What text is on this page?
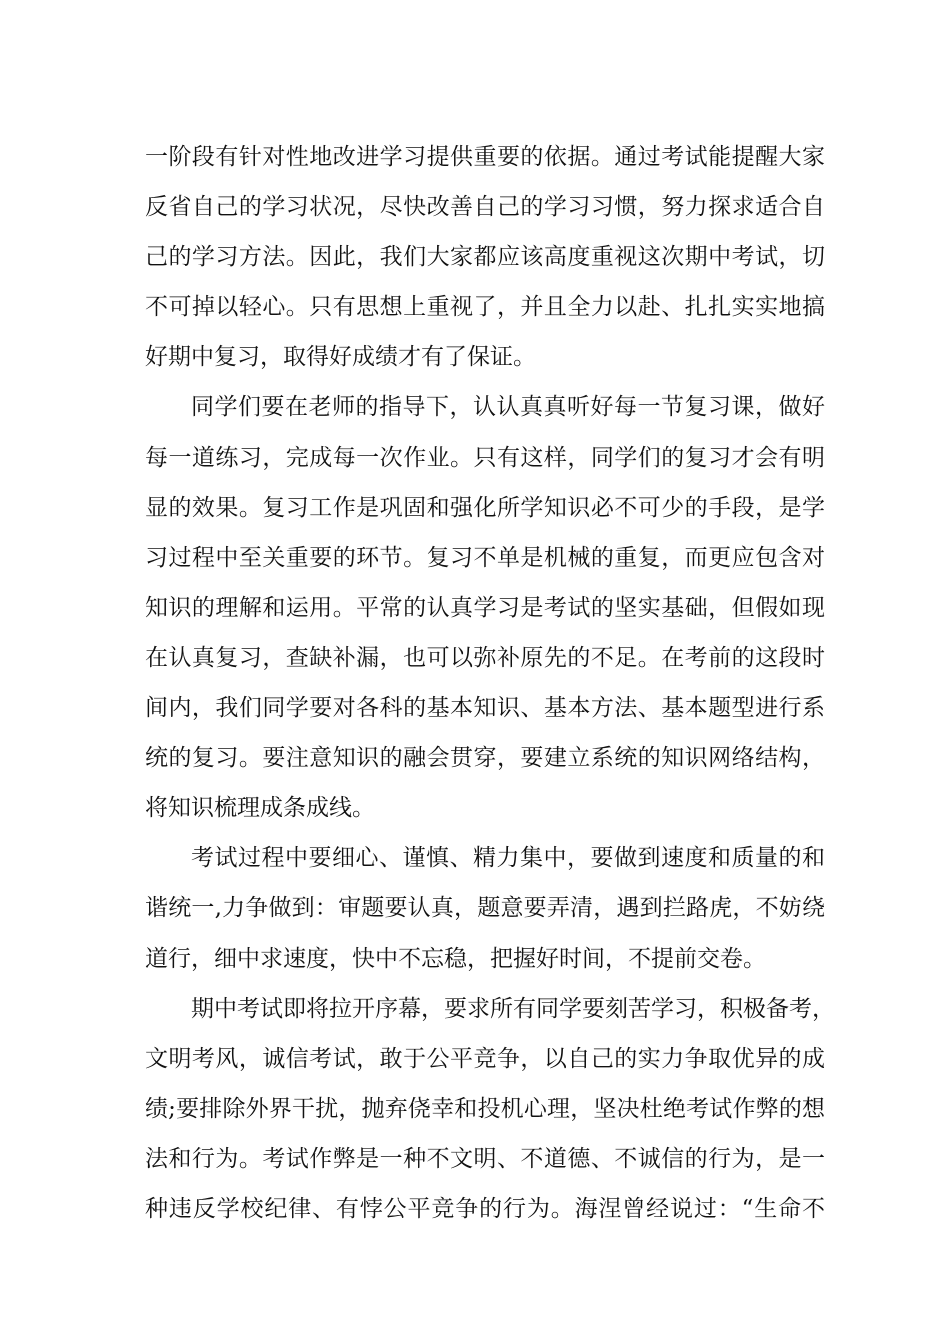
一阶段有针对性地改进学习提供重要的依据。通过考试能提醒大家
反省自己的学习状况，尽快改善自己的学习习惯，努力探求适合自
己的学习方法。因此，我们大家都应该高度重视这次期中考试，切
不可掉以轻心。只有思想上重视了，并且全力以赴、扎扎实实地搞
好期中复习，取得好成绩才有了保证。
同学们要在老师的指导下，认认真真听好每一节复习课，做好
每一道练习，完成每一次作业。只有这样，同学们的复习才会有明
显的效果。复习工作是巩固和强化所学知识必不可少的手段，是学
习过程中至关重要的环节。复习不单是机械的重复，而更应包含对
知识的理解和运用。平常的认真学习是考试的坚实基础，但假如现
在认真复习，查缺补漏，也可以弥补原先的不足。在考前的这段时
间内，我们同学要对各科的基本知识、基本方法、基本题型进行系
统的复习。要注意知识的融会贯穿，要建立系统的知识网络结构，
将知识梳理成条成线。
考试过程中要细心、谨慎、精力集中，要做到速度和质量的和
谐统一,力争做到：审题要认真，题意要弄清，遇到拦路虎，不妨绕
道行，细中求速度，快中不忘稳，把握好时间，不提前交卷。
期中考试即将拉开序幕，要求所有同学要刻苦学习，积极备考，
文明考风，诚信考试，敢于公平竞争，以自己的实力争取优异的成
绩;要排除外界干扰，抛弃侥幸和投机心理，坚决杜绝考试作弊的想
法和行为。考试作弊是一种不文明、不道德、不诚信的行为，是一
种违反学校纪律、有悖公平竞争的行为。海涅曾经说过：“生命不
